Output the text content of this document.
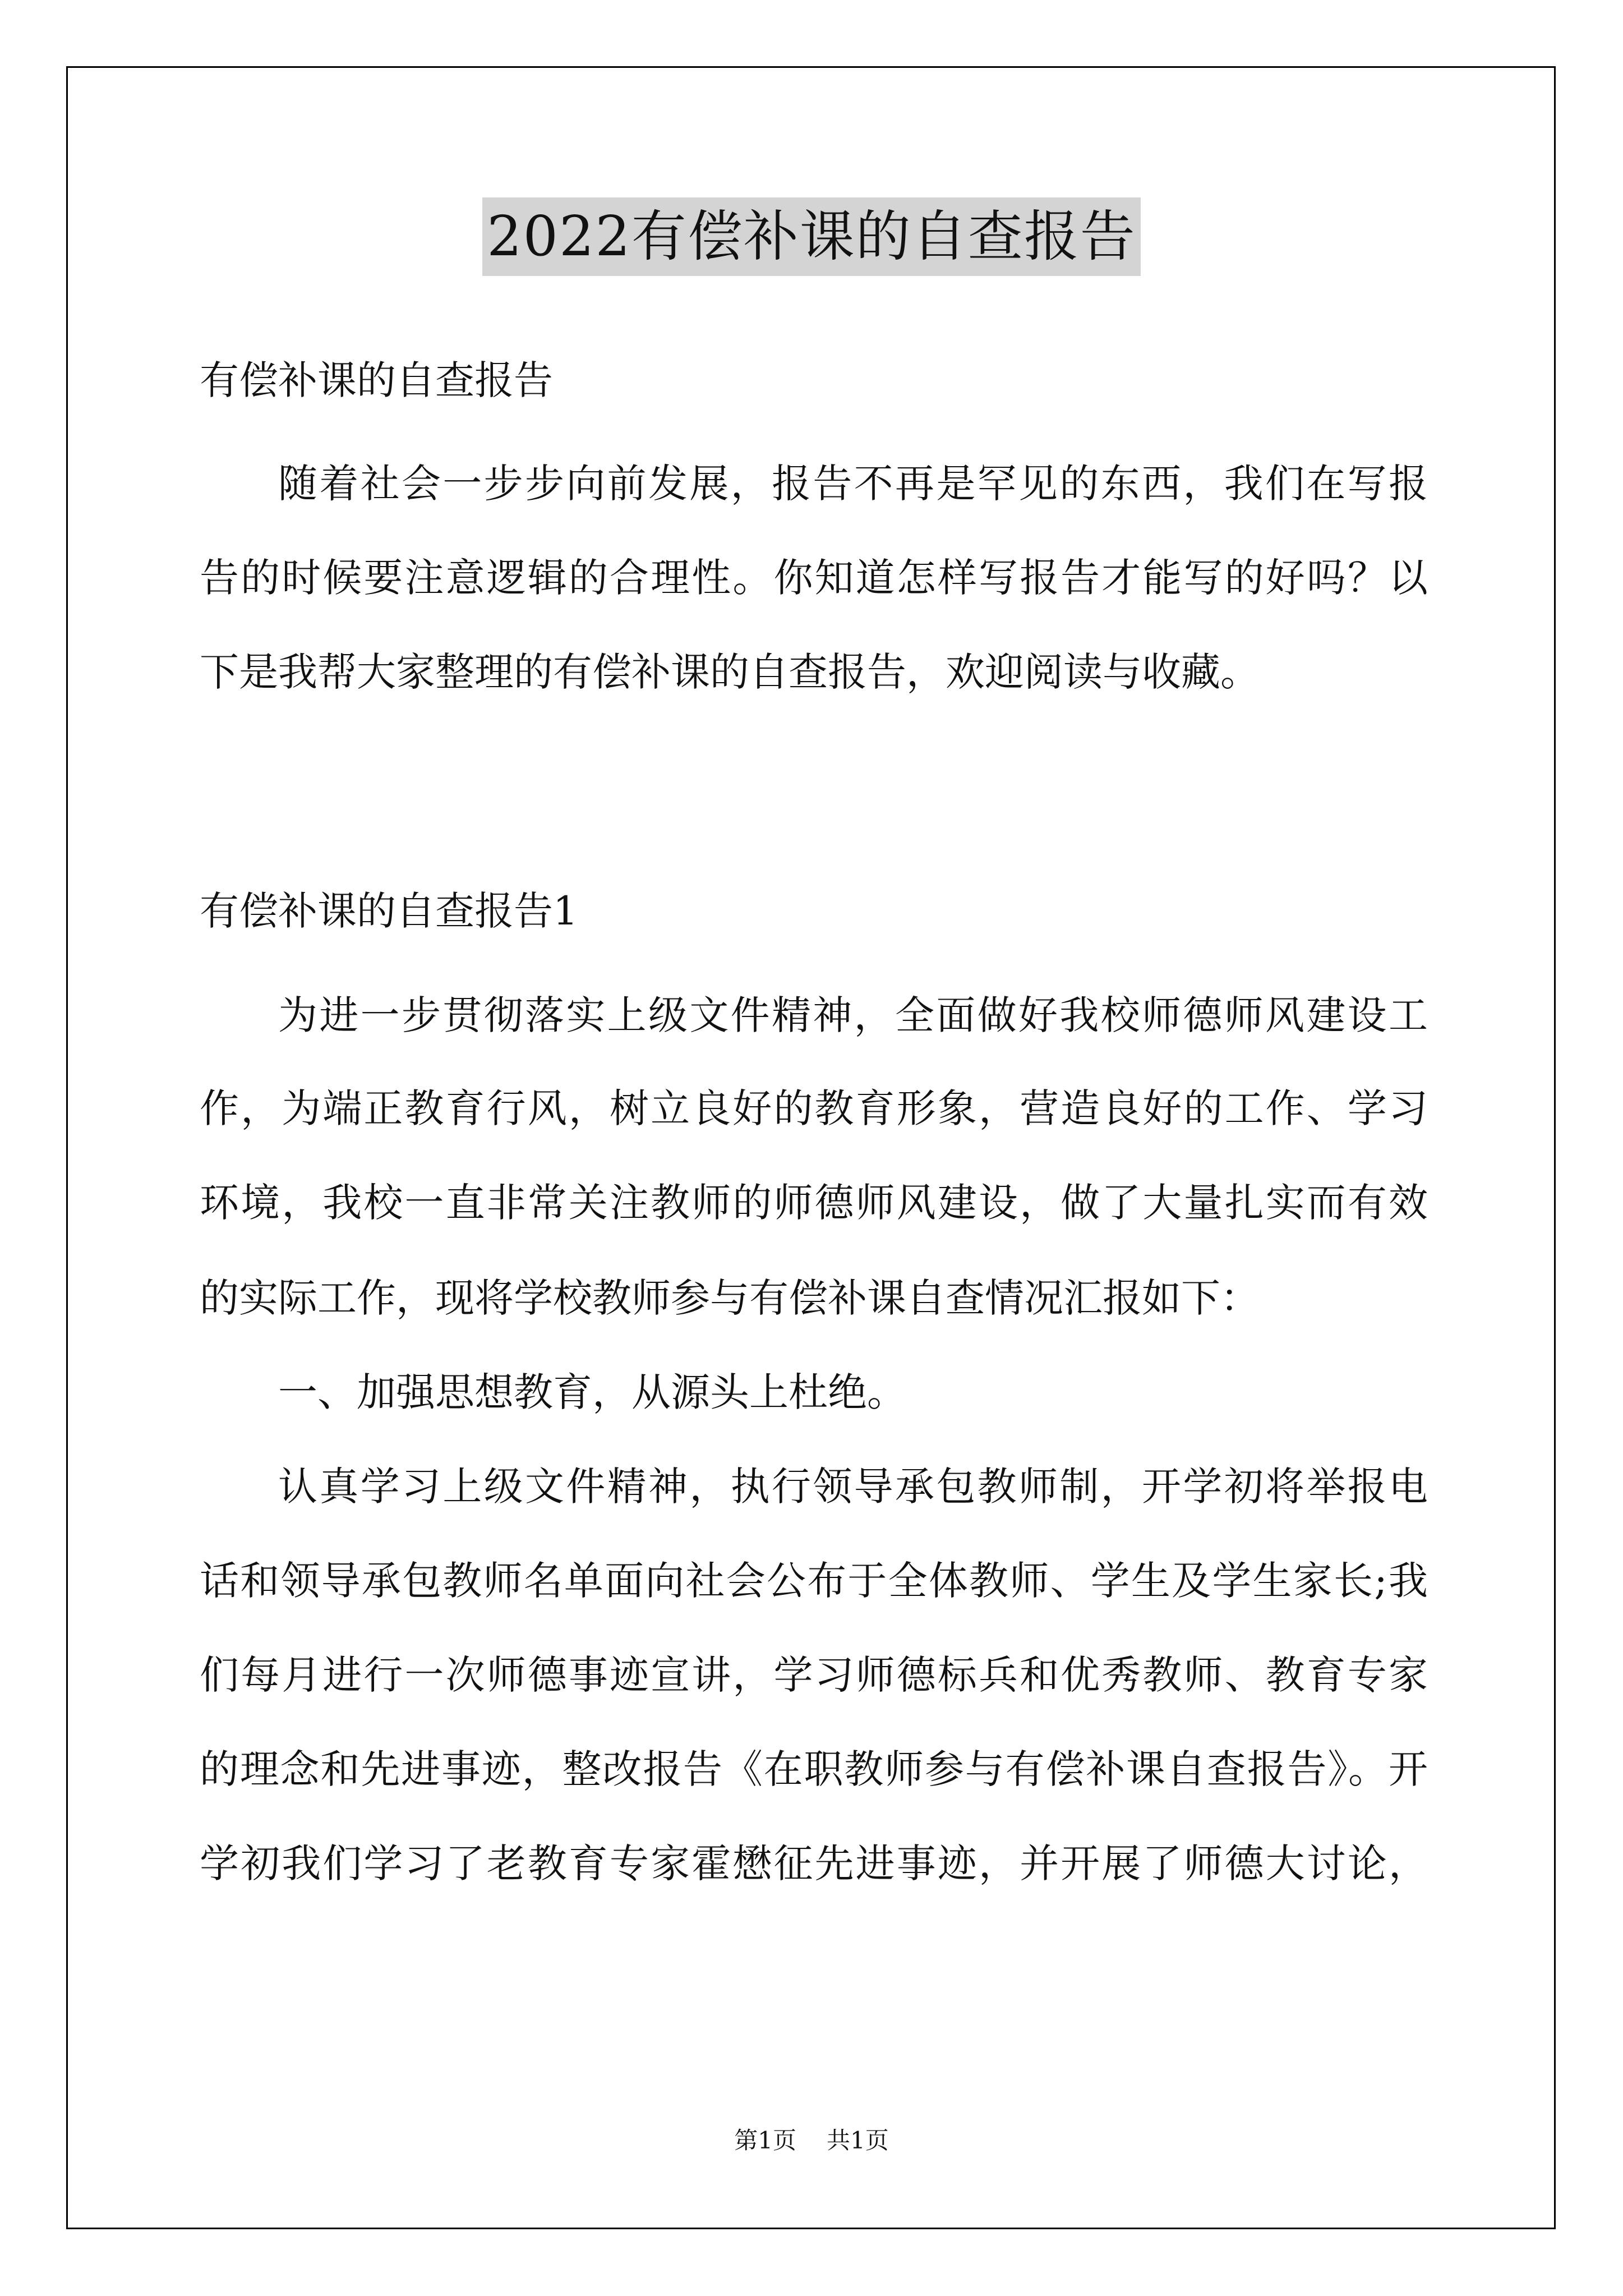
2022有偿补课的自查报告
有偿补课的自查报告
随着社会一步步向前发展，报告不再是罕见的东西，我们在写报
告的时候要注意逻辑的合理性。你知道怎样写报告才能写的好吗？以
下是我帮大家整理的有偿补课的自查报告，欢迎阅读与收藏。
有偿补课的自查报告1
为进一步贯彻落实上级文件精神，全面做好我校师德师风建设工
作，为端正教育行风，树立良好的教育形象，营造良好的工作、学习
环境，我校一直非常关注教师的师德师风建设，做了大量扎实而有效
的实际工作，现将学校教师参与有偿补课自查情况汇报如下：
一、加强思想教育，从源头上杜绝。
认真学习上级文件精神，执行领导承包教师制，开学初将举报电
话和领导承包教师名单面向社会公布于全体教师、学生及学生家长;我
们每月进行一次师德事迹宣讲，学习师德标兵和优秀教师、教育专家
的理念和先进事迹，整改报告《在职教师参与有偿补课自查报告》。开
学初我们学习了老教育专家霍懋征先进事迹，并开展了师德大讨论，
第1页 共1页
